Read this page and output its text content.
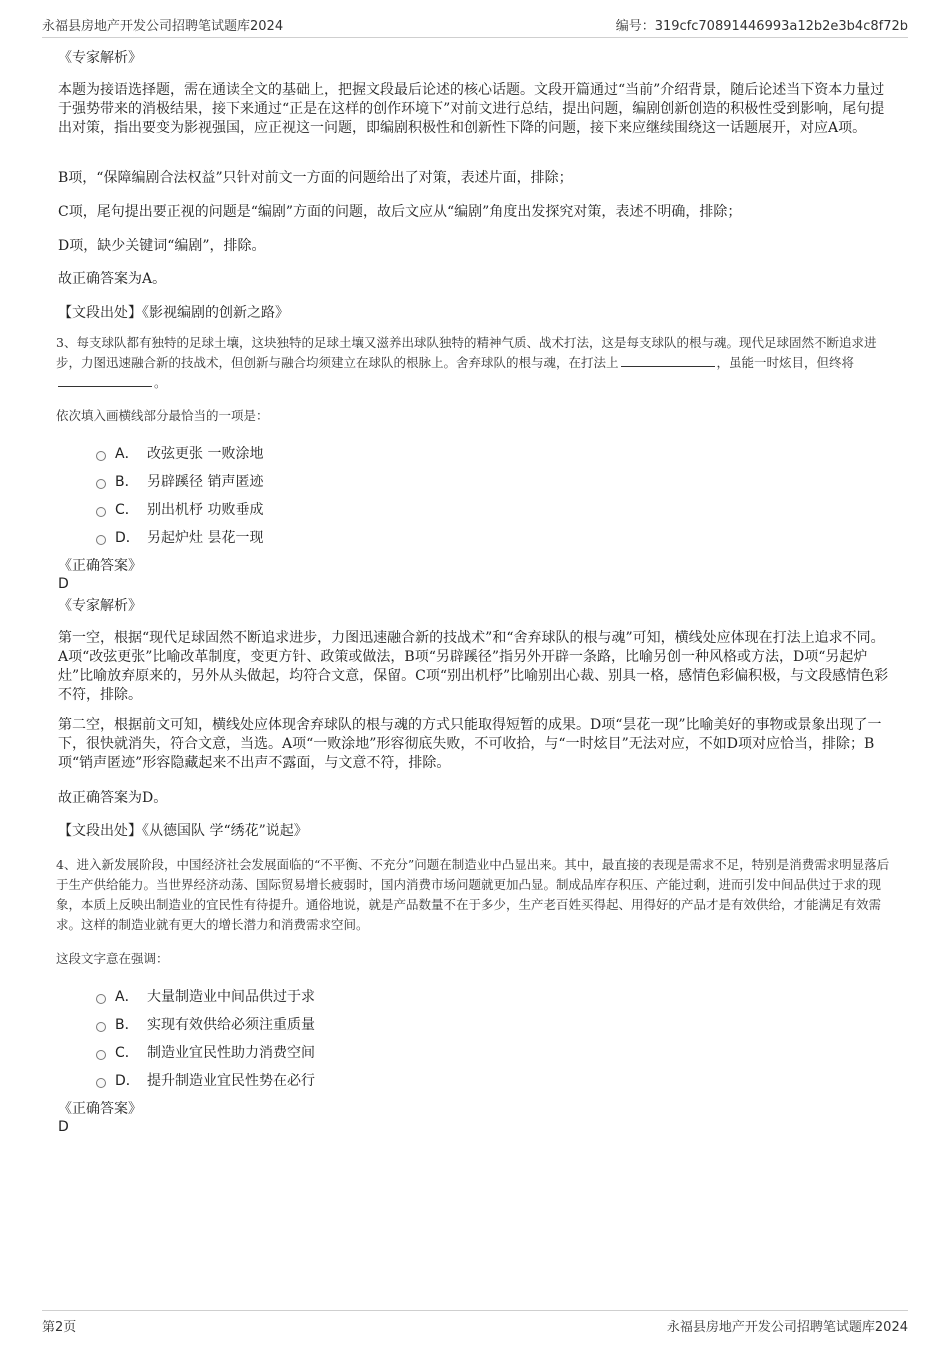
永福县房地产开发公司招聘笔试题库2024	编号：319cfc70891446993a12b2e3b4c8f72b
《专家解析》

本题为接语选择题，需在通读全文的基础上，把握文段最后论述的核心话题。文段开篇通过“当前”介绍背景，随后论述当下资本力量过于强势带来的消极结果，接下来通过“正是在这样的创作环境下”对前文进行总结，提出问题，编剧创新创造的积极性受到影响，尾句提出对策，指出要变为影视强国，应正视这一问题，即编剧积极性和创新性下降的问题，接下来应继续围绕这一话题展开，对应A项。

B项，“保障编剧合法权益”只针对前文一方面的问题给出了对策，表述片面，排除；

C项，尾句提出要正视的问题是“编剧”方面的问题，故后文应从“编剧”角度出发探究对策，表述不明确，排除；

D项，缺少关键词“编剧”，排除。

故正确答案为A。

【文段出处】《影视编剧的创新之路》

3、每支球队都有独特的足球土壤，这块独特的足球土壤又滋养出球队独特的精神气质、战术打法，这是每支球队的根与魂。现代足球固然不断追求进步，力图迅速融合新的技战术，但创新与融合均须建立在球队的根脉上。舍弃球队的根与魂，在打法上	，虽能一时炫目，但终将。

依次填入画横线部分最恰当的一项是：

A． 改弦更张 一败涂地
B． 另辟蹊径 销声匿迹
C． 别出机杼 功败垂成
D． 另起炉灶 昙花一现
《正确答案》
D
《专家解析》

第一空，根据“现代足球固然不断追求进步，力图迅速融合新的技战术”和“舍弃球队的根与魂”可知，横线处应体现在打法上追求不同。A项“改弦更张”比喻改革制度，变更方针、政策或做法，B项“另辟蹊径”指另外开辟一条路，比喻另创一种风格或方法，D项“另起炉灶”比喻放弃原来的，另外从头做起，均符合文意，保留。C项“别出机杼”比喻别出心裁、别具一格，感情色彩偏积极，与文段感情色彩不符，排除。

第二空，根据前文可知，横线处应体现舍弃球队的根与魂的方式只能取得短暂的成果。D项“昙花一现”比喻美好的事物或景象出现了一下，很快就消失，符合文意，当选。A项“一败涂地”形容彻底失败，不可收拾，与“一时炫目”无法对应，不如D项对应恰当，排除；B项“销声匿迹”形容隐藏起来不出声不露面，与文意不符，排除。

故正确答案为D。

【文段出处】《从德国队 学“绣花”说起》

4、进入新发展阶段，中国经济社会发展面临的“不平衡、不充分”问题在制造业中凸显出来。其中，最直接的表现是需求不足，特别是消费需求明显落后于生产供给能力。当世界经济动荡、国际贸易增长疲弱时，国内消费市场问题就更加凸显。制成品库存积压、产能过剩，进而引发中间品供过于求的现象，本质上反映出制造业的宜民性有待提升。通俗地说，就是产品数量不在于多少，生产老百姓买得起、用得好的产品才是有效供给，才能满足有效需求。这样的制造业就有更大的增长潜力和消费需求空间。

这段文字意在强调：

A． 大量制造业中间品供过于求
B． 实现有效供给必须注重质量
C． 制造业宜民性助力消费空间
D． 提升制造业宜民性势在必行
《正确答案》
D
第2页	永福县房地产开发公司招聘笔试题库2024
